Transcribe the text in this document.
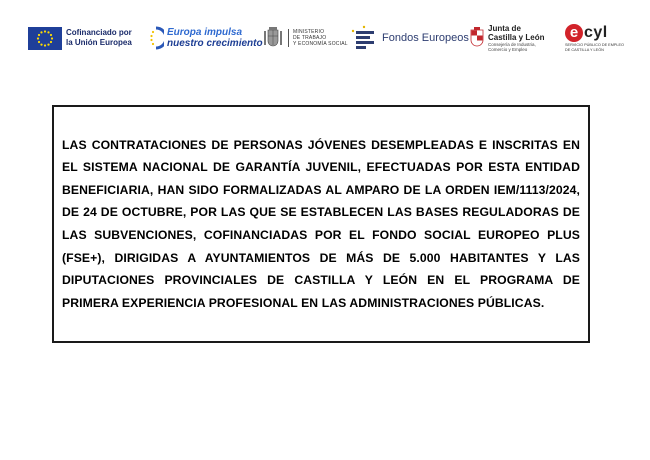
Cofinanciado por
la Unión Europea
Europa impulsa
nuestro crecimiento
MINISTERIO
DE TRABAJO
Y ECONOMÍA SOCIAL	Fondos Europeos
Junta de
Castilla y León
Consejería de Industria,
Comercio y Empleo
e cyl
SERVICIO PÚBLICO DE EMPLEO DE CASTILLA Y LEÓN
LAS CONTRATACIONES DE PERSONAS JÓVENES DESEMPLEADAS E INSCRITAS EN EL SISTEMA NACIONAL DE GARANTÍA JUVENIL, EFECTUADAS POR ESTA ENTIDAD BENEFICIARIA, HAN SIDO FORMALIZADAS AL AMPARO DE LA ORDEN IEM/1113/2024, DE 24 DE OCTUBRE, POR LAS QUE SE ESTABLECEN LAS BASES REGULADORAS DE LAS SUBVENCIONES, COFINANCIADAS POR EL FONDO SOCIAL EUROPEO PLUS (FSE+), DIRIGIDAS A AYUNTAMIENTOS DE MÁS DE 5.000 HABITANTES Y LAS DIPUTACIONES PROVINCIALES DE CASTILLA Y LEÓN EN EL PROGRAMA DE PRIMERA EXPERIENCIA PROFESIONAL EN LAS ADMINISTRACIONES PÚBLICAS.
